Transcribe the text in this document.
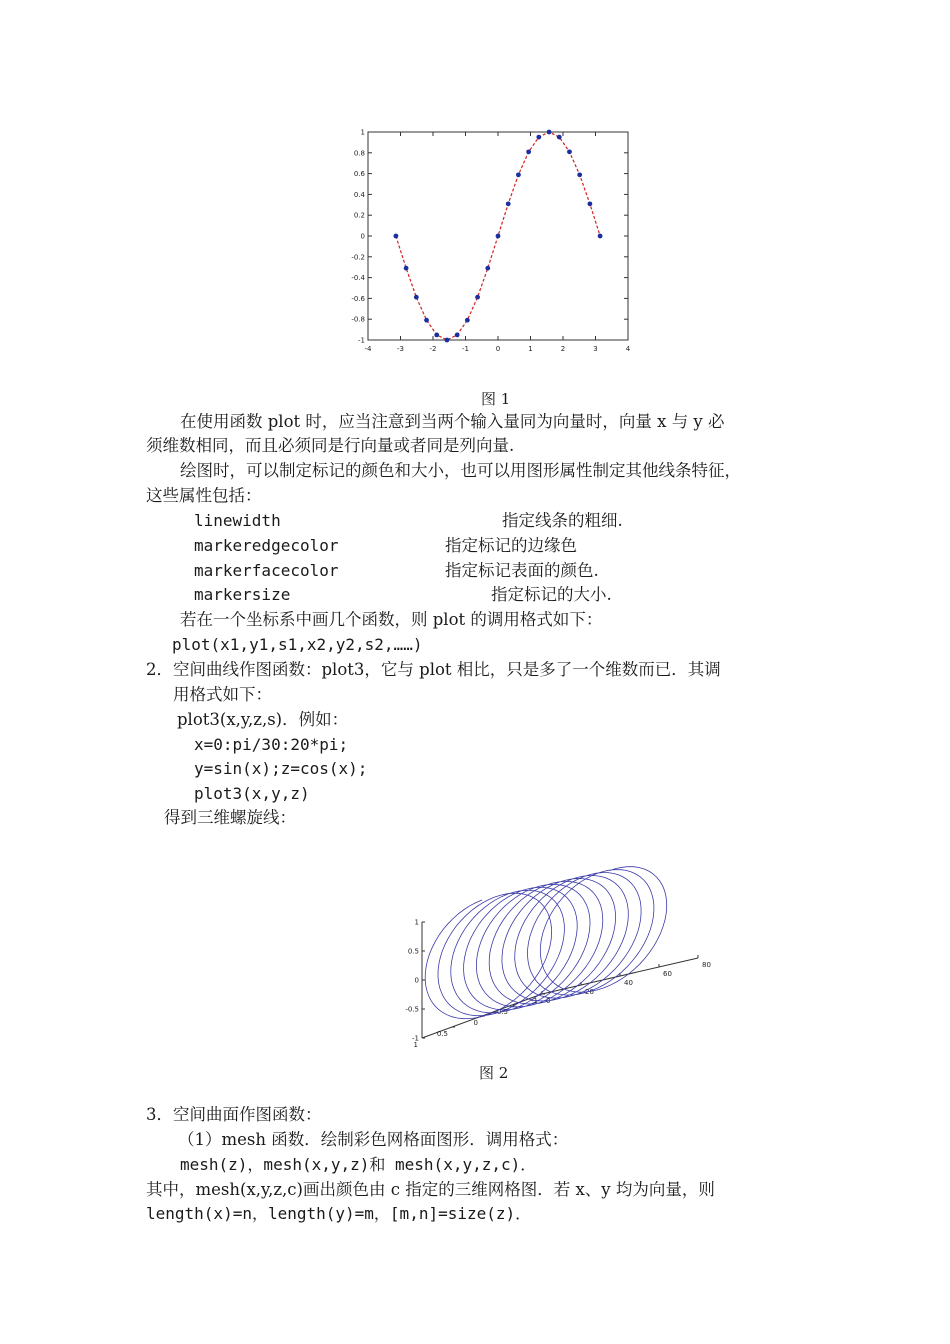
-4	-3	-2	-1	0	1	2	3	4
1
0.8
0.6
0.4
0.2
0
-0.2
-0.4
-0.6
-0.8
-1
图 1
在使用函数 plot 时，应当注意到当两个输入量同为向量时，向量 x 与 y 必
须维数相同，而且必须同是行向量或者同是列向量.
绘图时，可以制定标记的颜色和大小，也可以用图形属性制定其他线条特征，
这些属性包括：
linewidth	指定线条的粗细.
markeredgecolor	指定标记的边缘色
markerfacecolor	指定标记表面的颜色.
markersize	指定标记的大小.
若在一个坐标系中画几个函数，则 plot 的调用格式如下：
plot(x1,y1,s1,x2,y2,s2,……)
2．空间曲线作图函数：plot3，它与 plot 相比，只是多了一个维数而已．其调
用格式如下：
plot3(x,y,z,s)．例如：
x=0:pi/30:20*pi;
y=sin(x);z=cos(x);
plot3(x,y,z)
得到三维螺旋线：
0
20
40
60
80
-1
-0.5
0
0.5
1
1
0.5
0
-0.5
-1
图 2
3．空间曲面作图函数：
（1）mesh 函数．绘制彩色网格面图形．调用格式：
mesh(z)，mesh(x,y,z)和 mesh(x,y,z,c)．
其中，mesh(x,y,z,c)画出颜色由 c 指定的三维网格图．若 x、y 均为向量，则
length(x)=n，length(y)=m，[m,n]=size(z)．
